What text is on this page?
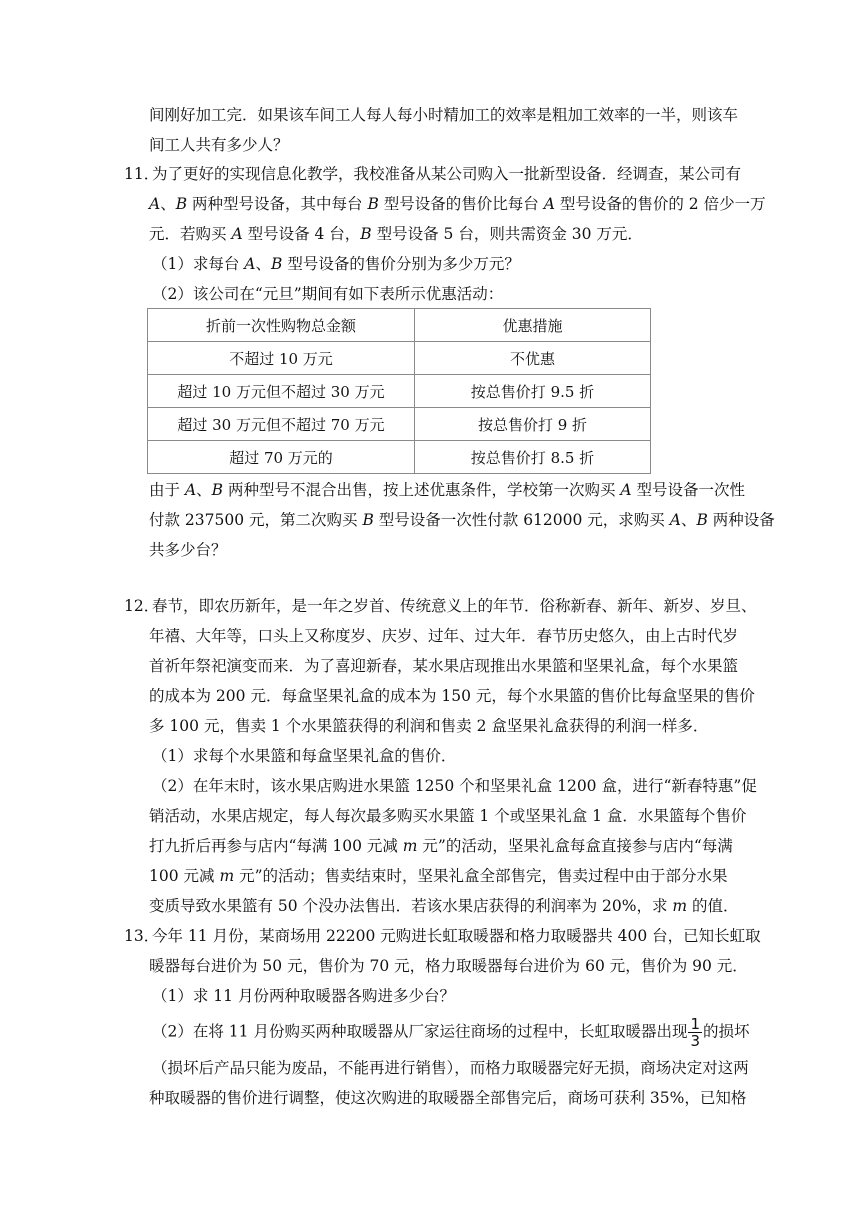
间刚好加工完．如果该车间工人每人每小时精加工的效率是粗加工效率的一半，则该车
间工人共有多少人？
11．
为了更好的实现信息化教学，我校准备从某公司购入一批新型设备．经调查，某公司有
A、B 两种型号设备，其中每台 B 型号设备的售价比每台 A 型号设备的售价的 2 倍少一万
元．若购买 A 型号设备 4 台，B 型号设备 5 台，则共需资金 30 万元．
（1）求每台 A、B 型号设备的售价分别为多少万元？
（2）该公司在“元旦”期间有如下表所示优惠活动：
折前一次性购物总金额	优惠措施
不超过 10 万元	不优惠
超过 10 万元但不超过 30 万元	按总售价打 9.5 折
超过 30 万元但不超过 70 万元	按总售价打 9 折
超过 70 万元的	按总售价打 8.5 折
由于 A、B 两种型号不混合出售，按上述优惠条件，学校第一次购买 A 型号设备一次性
付款 237500 元，第二次购买 B 型号设备一次性付款 612000 元，求购买 A、B 两种设备
共多少台？
12．
春节，即农历新年，是一年之岁首、传统意义上的年节．俗称新春、新年、新岁、岁旦、
年禧、大年等，口头上又称度岁、庆岁、过年、过大年．春节历史悠久，由上古时代岁
首祈年祭祀演变而来．为了喜迎新春，某水果店现推出水果篮和坚果礼盒，每个水果篮
的成本为 200 元．每盒坚果礼盒的成本为 150 元，每个水果篮的售价比每盒坚果的售价
多 100 元，售卖 1 个水果篮获得的利润和售卖 2 盒坚果礼盒获得的利润一样多．
（1）求每个水果篮和每盒坚果礼盒的售价．
（2）在年末时，该水果店购进水果篮 1250 个和坚果礼盒 1200 盒，进行“新春特惠”促
销活动，水果店规定，每人每次最多购买水果篮 1 个或坚果礼盒 1 盒．水果篮每个售价
打九折后再参与店内“每满 100 元减 m 元”的活动，坚果礼盒每盒直接参与店内“每满
100 元减 m 元”的活动；售卖结束时，坚果礼盒全部售完，售卖过程中由于部分水果
变质导致水果篮有 50 个没办法售出．若该水果店获得的利润率为 20%，求 m 的值．
13．
今年 11 月份，某商场用 22200 元购进长虹取暖器和格力取暖器共 400 台，已知长虹取
暖器每台进价为 50 元，售价为 70 元，格力取暖器每台进价为 60 元，售价为 90 元．
（1）求 11 月份两种取暖器各购进多少台？
（2）在将 11 月份购买两种取暖器从厂家运往商场的过程中，长虹取暖器出现 $\frac{1}{3}$ 的损坏
（损坏后产品只能为废品，不能再进行销售），而格力取暖器完好无损，商场决定对这两
种取暖器的售价进行调整，使这次购进的取暖器全部售完后，商场可获利 35%，已知格
